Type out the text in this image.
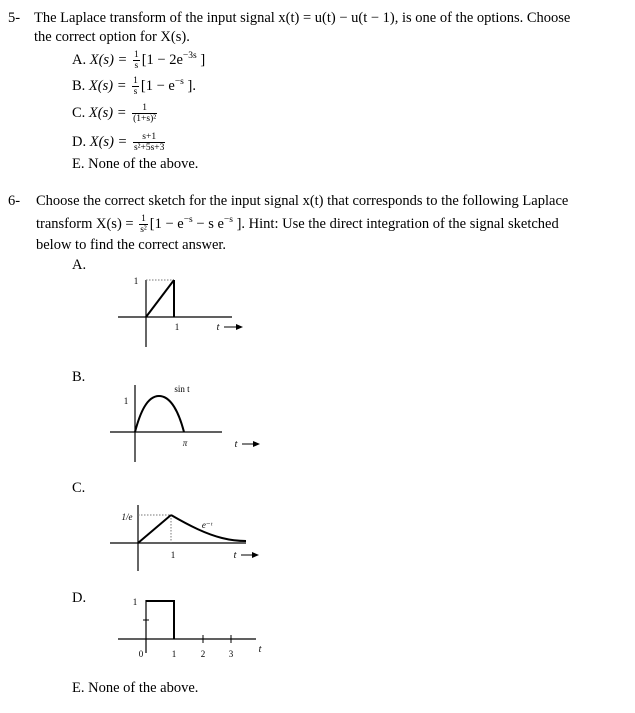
5- The Laplace transform of the input signal x(t) = u(t) − u(t − 1), is one of the options. Choose
the correct option for X(s).
A. $X(s) = \frac{1}{s} [1 - 2e^{-3s}$ ]
B. $X(s) = \frac{1}{s} [1 - e^{-s}$ ].
C. $X(s) = \frac{1}{\text{(1+s)²}}$
D. $X(s) = \frac{s+1}{\text{s²+5s+3}}$
E. None of the above.
6- Choose the correct sketch for the input signal x(t) that corresponds to the following Laplace
transform $X(s) = \frac{1}{\text{s²}} [1 - e^{-s} - s$ $e^{-s}$ ]. Hint: Use the direct integration of the signal sketched
below to find the correct answer.
A.
B.
C.
D.
1
1	t
1
sin t
π	t
1/e
e⁻ᵗ
1	t
1
0	1	2	3	t
E. None of the above.
